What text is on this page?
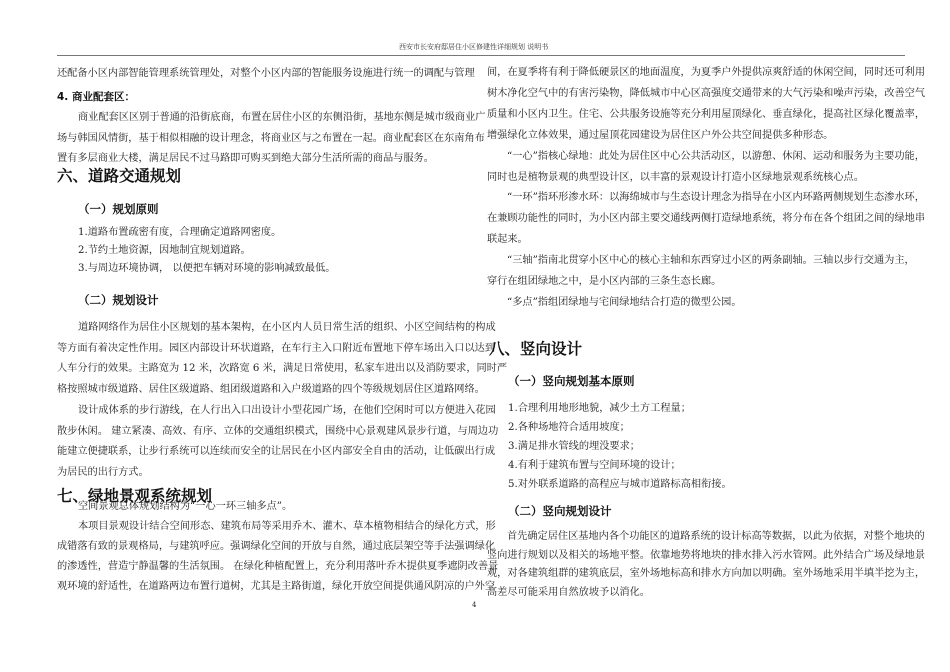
西安市长安府邸居住小区修建性详细规划 说明书
还配备小区内部智能管理系统管理处，对整个小区内部的智能服务设施进行统一的调配与管理
4. 商业配套区：
商业配套区区别于普通的沿街底商，布置在居住小区的东侧沿街，基地东侧是城市级商业广
场与韩国风情街，基于相似相融的设计理念，将商业区与之布置在一起。商业配套区在东南角布
置有多层商业大楼，满足居民不过马路即可购买到绝大部分生活所需的商品与服务。
六、道路交通规划
（一）规划原则
1.道路布置疏密有度，合理确定道路网密度。
2.节约土地资源，因地制宜规划道路。
3.与周边环境协调， 以便把车辆对环境的影响减致最低。
（二）规划设计
道路网络作为居住小区规划的基本架构，在小区内人员日常生活的组织、小区空间结构的构成
等方面有着决定性作用。园区内部设计环状道路，在车行主入口附近布置地下停车场出入口以达到
人车分行的效果。主路宽为 12 米，次路宽 6 米，满足日常使用，私家车进出以及消防要求，同时严
格按照城市级道路、居住区级道路、组团级道路和入户级道路的四个等级规划居住区道路网络。
设计成体系的步行游线，在人行出入口出设计小型花园广场，在他们空闲时可以方便进入花园
散步休闲。 建立紧凑、高效、有序、立体的交通组织模式，围绕中心景观建风景步行道，与周边功
能建立便捷联系，让步行系统可以连续而安全的让居民在小区内部安全自由的活动，让低碳出行成
为居民的出行方式。
七、绿地景观系统规划
空间景观总体规划结构为“一心一环三轴多点”。
本项目景观设计结合空间形态、建筑布局等采用乔木、灌木、草本植物相结合的绿化方式，形
成错落有致的景观格局，与建筑呼应。强调绿化空间的开放与自然，通过底层架空等手法强调绿化
的渗透性，营造宁静温馨的生活氛围。 在绿化种植配置上，充分利用落叶乔木提供夏季遮阴改善景
观环境的舒适性，在道路两边布置行道树，尤其是主路街道，绿化开放空间提供通风阴凉的户外空
间，在夏季将有利于降低硬景区的地面温度，为夏季户外提供凉爽舒适的休闲空间，同时还可利用
树木净化空气中的有害污染物，降低城市中心区高强度交通带来的大气污染和噪声污染，改善空气
质量和小区内卫生。住宅、公共服务设施等充分利用屋顶绿化、垂直绿化，提高社区绿化覆盖率，
增强绿化立体效果，通过屋顶花园建设为居住区户外公共空间提供多种形态。
“一心”指核心绿地：此处为居住区中心公共活动区，以游憩、休闲、运动和服务为主要功能，
同时也是植物景观的典型设计区，以丰富的景观设计打造小区绿地景观系统核心点。
“一环”指环形渗水环：以海绵城市与生态设计理念为指导在小区内环路两侧规划生态渗水环，
在兼顾功能性的同时，为小区内部主要交通线两侧打造绿地系统，将分布在各个组团之间的绿地串
联起来。
“三轴”指南北贯穿小区中心的核心主轴和东西穿过小区的两条副轴。三轴以步行交通为主，
穿行在组团绿地之中，是小区内部的三条生态长廊。
“多点”指组团绿地与宅间绿地结合打造的微型公园。
八、竖向设计
（一）竖向规划基本原则
1.合理利用地形地貌，减少土方工程量；
2.各种场地符合适用坡度；
3.满足排水管线的埋没要求；
4.有利于建筑布置与空间环境的设计；
5.对外联系道路的高程应与城市道路标高相衔接。
（二）竖向规划设计
首先确定居住区基地内各个功能区的道路系统的设计标高等数据，以此为依据，对整个地块的
竖向进行规划以及相关的场地平整。依靠地势将地块的排水排入污水管网。此外结合广场及绿地景
观，对各建筑组群的建筑底层，室外场地标高和排水方向加以明确。室外场地采用半填半挖为主，
高差尽可能采用自然放坡予以消化。
4
